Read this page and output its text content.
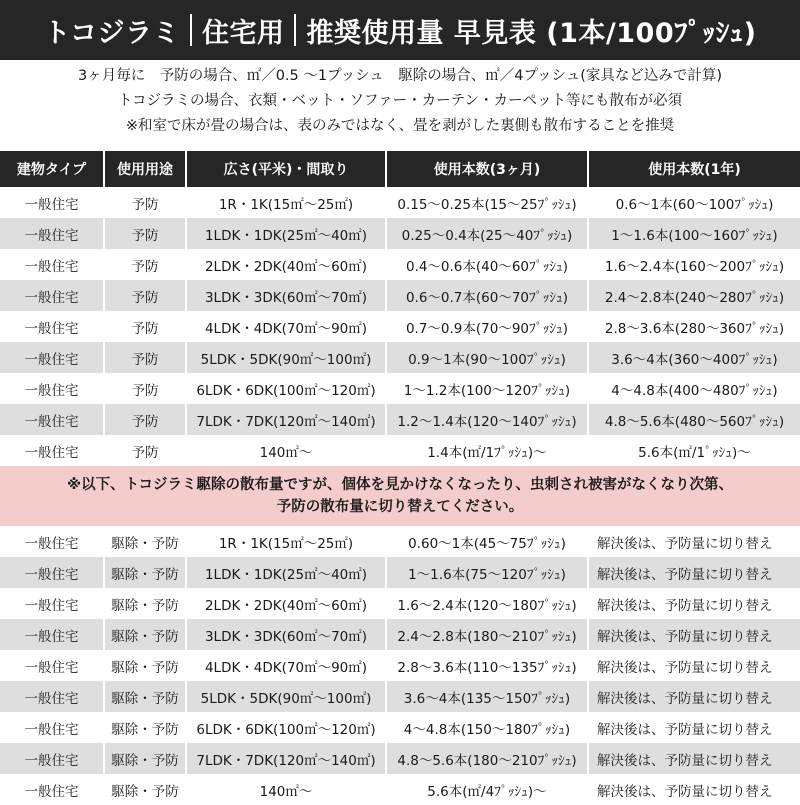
トコジラミ 住宅用 推奨使用量 早見表 (1本/100ﾌﾟｯｼｭ)
3ヶ月毎に　予防の場合、㎡／0.5 〜1プッシュ　駆除の場合、㎡／4プッシュ(家具など込みで計算)
トコジラミの場合、衣類・ベット・ソファー・カーテン・カーペット等にも散布が必須
※和室で床が畳の場合は、表のみではなく、畳を剥がした裏側も散布することを推奨
建物タイプ	使用用途	広さ(平米)・間取り	使用本数(3ヶ月)	使用本数(1年)
一般住宅	予防	1R・1K(15㎡〜25㎡)	0.15〜0.25本(15〜25ﾌﾟｯｼｭ)	0.6〜1本(60〜100ﾌﾟｯｼｭ)
一般住宅	予防	1LDK・1DK(25㎡〜40㎡)	0.25〜0.4本(25〜40ﾌﾟｯｼｭ)	1〜1.6本(100〜160ﾌﾟｯｼｭ)
一般住宅	予防	2LDK・2DK(40㎡〜60㎡)	0.4〜0.6本(40〜60ﾌﾟｯｼｭ)	1.6〜2.4本(160〜200ﾌﾟｯｼｭ)
一般住宅	予防	3LDK・3DK(60㎡〜70㎡)	0.6〜0.7本(60〜70ﾌﾟｯｼｭ)	2.4〜2.8本(240〜280ﾌﾟｯｼｭ)
一般住宅	予防	4LDK・4DK(70㎡〜90㎡)	0.7〜0.9本(70〜90ﾌﾟｯｼｭ)	2.8〜3.6本(280〜360ﾌﾟｯｼｭ)
一般住宅	予防	5LDK・5DK(90㎡〜100㎡)	0.9〜1本(90〜100ﾌﾟｯｼｭ)	3.6〜4本(360〜400ﾌﾟｯｼｭ)
一般住宅	予防	6LDK・6DK(100㎡〜120㎡)	1〜1.2本(100〜120ﾌﾟｯｼｭ)	4〜4.8本(400〜480ﾌﾟｯｼｭ)
一般住宅	予防	7LDK・7DK(120㎡〜140㎡)	1.2〜1.4本(120〜140ﾌﾟｯｼｭ)	4.8〜5.6本(480〜560ﾌﾟｯｼｭ)
一般住宅	予防	140㎡〜	1.4本(㎡/1ﾌﾟｯｼｭ)〜	5.6本(㎡/1ﾟｯｼｭ)〜

※以下、トコジラミ駆除の散布量ですが、個体を見かけなくなったり、虫刺され被害がなくなり次第、
予防の散布量に切り替えてください。				

一般住宅	駆除・予防	1R・1K(15㎡〜25㎡)	0.60〜1本(45〜75ﾌﾟｯｼｭ)	解決後は、予防量に切り替え
一般住宅	駆除・予防	1LDK・1DK(25㎡〜40㎡)	1〜1.6本(75〜120ﾌﾟｯｼｭ)	解決後は、予防量に切り替え
一般住宅	駆除・予防	2LDK・2DK(40㎡〜60㎡)	1.6〜2.4本(120〜180ﾌﾟｯｼｭ)	解決後は、予防量に切り替え
一般住宅	駆除・予防	3LDK・3DK(60㎡〜70㎡)	2.4〜2.8本(180〜210ﾌﾟｯｼｭ)	解決後は、予防量に切り替え
一般住宅	駆除・予防	4LDK・4DK(70㎡〜90㎡)	2.8〜3.6本(110〜135ﾌﾟｯｼｭ)	解決後は、予防量に切り替え
一般住宅	駆除・予防	5LDK・5DK(90㎡〜100㎡)	3.6〜4本(135〜150ﾌﾟｯｼｭ)	解決後は、予防量に切り替え
一般住宅	駆除・予防	6LDK・6DK(100㎡〜120㎡)	4〜4.8本(150〜180ﾌﾟｯｼｭ)	解決後は、予防量に切り替え
一般住宅	駆除・予防	7LDK・7DK(120㎡〜140㎡)	4.8〜5.6本(180〜210ﾌﾟｯｼｭ)	解決後は、予防量に切り替え
一般住宅	駆除・予防	140㎡〜	5.6本(㎡/4ﾌﾟｯｼｭ)〜	解決後は、予防量に切り替え
